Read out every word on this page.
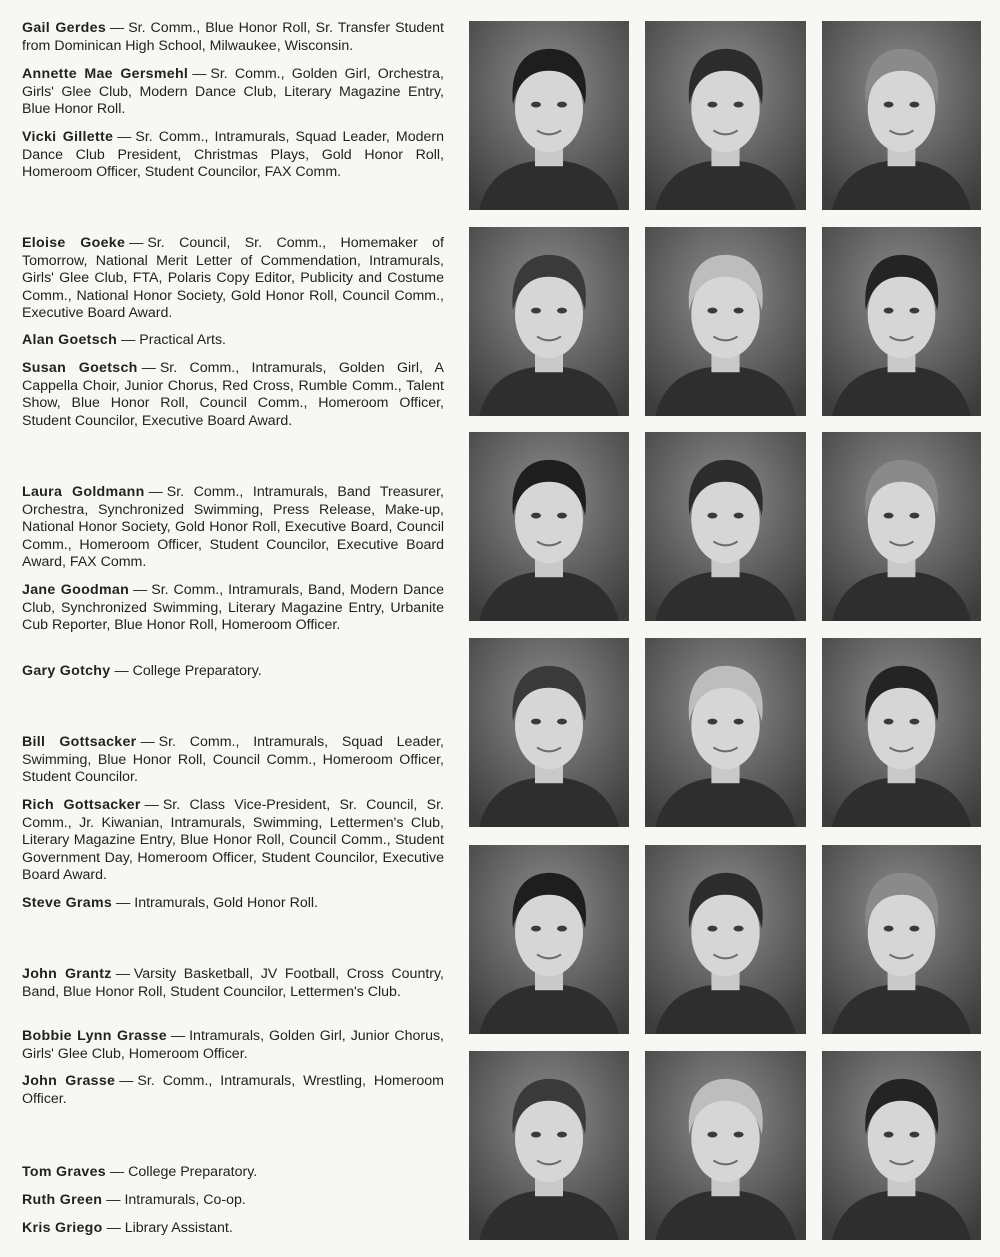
Gail Gerdes — Sr. Comm., Blue Honor Roll, Sr. Transfer Student from Dominican High School, Milwaukee, Wisconsin.

Annette Mae Gersmehl — Sr. Comm., Golden Girl, Orchestra, Girls' Glee Club, Modern Dance Club, Literary Magazine Entry, Blue Honor Roll.

Vicki Gillette — Sr. Comm., Intramurals, Squad Leader, Modern Dance Club President, Christmas Plays, Gold Honor Roll, Homeroom Officer, Student Councilor, FAX Comm.

Eloise Goeke — Sr. Council, Sr. Comm., Homemaker of Tomorrow, National Merit Letter of Commendation, Intramurals, Girls' Glee Club, FTA, Polaris Copy Editor, Publicity and Costume Comm., National Honor Society, Gold Honor Roll, Council Comm., Executive Board Award.

Alan Goetsch — Practical Arts.

Susan Goetsch — Sr. Comm., Intramurals, Golden Girl, A Cappella Choir, Junior Chorus, Red Cross, Rumble Comm., Talent Show, Blue Honor Roll, Council Comm., Homeroom Officer, Student Councilor, Executive Board Award.

Laura Goldmann — Sr. Comm., Intramurals, Band Treasurer, Orchestra, Synchronized Swimming, Press Release, Make-up, National Honor Society, Gold Honor Roll, Executive Board, Council Comm., Homeroom Officer, Student Councilor, Executive Board Award, FAX Comm.

Jane Goodman — Sr. Comm., Intramurals, Band, Modern Dance Club, Synchronized Swimming, Literary Magazine Entry, Urbanite Cub Reporter, Blue Honor Roll, Homeroom Officer.

Gary Gotchy — College Preparatory.

Bill Gottsacker — Sr. Comm., Intramurals, Squad Leader, Swimming, Blue Honor Roll, Council Comm., Homeroom Officer, Student Councilor.

Rich Gottsacker — Sr. Class Vice-President, Sr. Council, Sr. Comm., Jr. Kiwanian, Intramurals, Swimming, Lettermen's Club, Literary Magazine Entry, Blue Honor Roll, Council Comm., Student Government Day, Homeroom Officer, Student Councilor, Executive Board Award.

Steve Grams — Intramurals, Gold Honor Roll.

John Grantz — Varsity Basketball, JV Football, Cross Country, Band, Blue Honor Roll, Student Councilor, Lettermen's Club.

Bobbie Lynn Grasse — Intramurals, Golden Girl, Junior Chorus, Girls' Glee Club, Homeroom Officer.

John Grasse — Sr. Comm., Intramurals, Wrestling, Homeroom Officer.

Tom Graves — College Preparatory.

Ruth Green — Intramurals, Co-op.

Kris Griego — Library Assistant.
